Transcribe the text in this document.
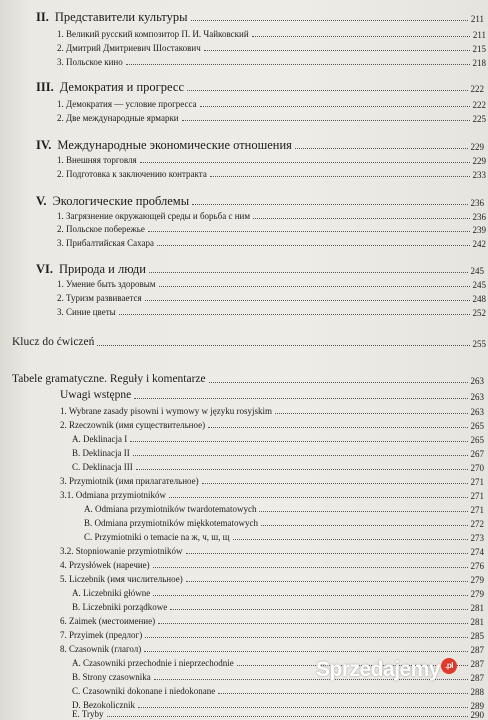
II. Представители культуры	211
1. Великий русский композитор П. И. Чайковский	211
2. Дмитрий Дмитриевич Шостакович	215
3. Польское кино	218
III. Демократия и прогресс	222
1. Демократия — условие прогресса	222
2. Две международные ярмарки	225
IV. Международные экономические отношения	229
1. Внешняя торговля	229
2. Подготовка к заключению контракта	233
V. Экологические проблемы	236
1. Загрязнение окружающей среды и борьба с ним	236
2. Польское побережье	239
3. Прибалтийская Сахара	242
VI. Природа и люди	245
1. Умение быть здоровым	245
2. Туризм развивается	248
3. Синие цветы	252
Klucz do ćwiczeń	255
Tabele gramatyczne. Reguły i komentarze	263
Uwagi wstępne	263
1. Wybrane zasady pisowni i wymowy w języku rosyjskim	263
2. Rzeczownik (имя существительное)	265
A. Deklinacja I	265
B. Deklinacja II	267
C. Deklinacja III	270
3. Przymiotnik (имя прилагательное)	271
3.1. Odmiana przymiotników	271
A. Odmiana przymiotników twardotematowych	271
B. Odmiana przymiotników miękkotematowych	272
C. Przymiotniki o temacie na ж, ч, ш, щ	273
3.2. Stopniowanie przymiotników	274
4. Przysłówek (наречие)	276
5. Liczebnik (имя числительное)	279
A. Liczebniki główne	279
B. Liczebniki porządkowe	281
6. Zaimek (местоимение)	281
7. Przyimek (предлог)	285
8. Czasownik (глагол)	287
A. Czasowniki przechodnie i nieprzechodnie	287
B. Strony czasownika	287
C. Czasowniki dokonane i niedokonane	288
D. Bezokolicznik	289
E. Tryby	290
Sprzedajemy .pl
